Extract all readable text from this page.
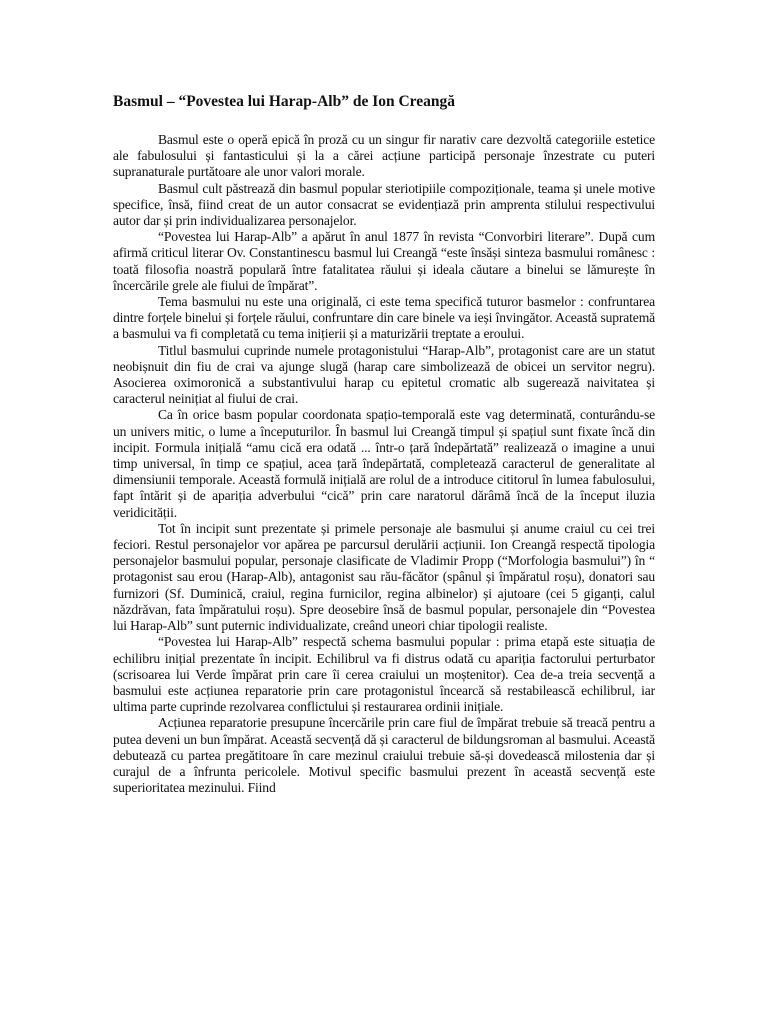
Basmul – “Povestea lui Harap-Alb” de Ion Creangă

Basmul este o operă epică în proză cu un singur fir narativ care dezvoltă categoriile estetice ale fabulosului și fantasticului și la a cărei acțiune participă personaje înzestrate cu puteri supranaturale purtătoare ale unor valori morale.

Basmul cult păstrează din basmul popular steriotipiile compoziționale, teama și unele motive specifice, însă, fiind creat de un autor consacrat se evidențiază prin amprenta stilului respectivului autor dar și prin individualizarea personajelor.

“Povestea lui Harap-Alb” a apărut în anul 1877 în revista “Convorbiri literare”. După cum afirmă criticul literar Ov. Constantinescu basmul lui Creangă “este însăși sinteza basmului românesc : toată filosofia noastră populară între fatalitatea răului și ideala căutare a binelui se lămurește în încercările grele ale fiului de împărat”.

Tema basmului nu este una originală, ci este tema specifică tuturor basmelor : confruntarea dintre forțele binelui și forțele răului, confruntare din care binele va ieși învingător. Această supratemă a basmului va fi completată cu tema inițierii și a maturizării treptate a eroului.

Titlul basmului cuprinde numele protagonistului “Harap-Alb”, protagonist care are un statut neobișnuit din fiu de crai va ajunge slugă (harap care simbolizează de obicei un servitor negru). Asocierea oximoronică a substantivului harap cu epitetul cromatic alb sugerează naivitatea și caracterul neinițiat al fiului de crai.

Ca în orice basm popular coordonata spațio-temporală este vag determinată, conturându-se un univers mitic, o lume a începuturilor. În basmul lui Creangă timpul și spațiul sunt fixate încă din incipit. Formula inițială “amu cică era odată ... într-o țară îndepărtată” realizează o imagine a unui timp universal, în timp ce spațiul, acea țară îndepărtată, completează caracterul de generalitate al dimensiunii temporale. Această formulă inițială are rolul de a introduce cititorul în lumea fabulosului, fapt întărit și de apariția adverbului “cică” prin care naratorul dărâmă încă de la început iluzia veridicității.

Tot în incipit sunt prezentate și primele personaje ale basmului și anume craiul cu cei trei feciori. Restul personajelor vor apărea pe parcursul derulării acțiunii. Ion Creangă respectă tipologia personajelor basmului popular, personaje clasificate de Vladimir Propp (“Morfologia basmului”) în “ protagonist sau erou (Harap-Alb), antagonist sau rău-făcător (spânul și împăratul roșu), donatori sau furnizori (Sf. Duminică, craiul, regina furnicilor, regina albinelor) și ajutoare (cei 5 giganți, calul năzdrăvan, fata împăratului roșu). Spre deosebire însă de basmul popular, personajele din “Povestea lui Harap-Alb” sunt puternic individualizate, creând uneori chiar tipologii realiste.

“Povestea lui Harap-Alb” respectă schema basmului popular : prima etapă este situația de echilibru inițial prezentate în incipit. Echilibrul va fi distrus odată cu apariția factorului perturbator (scrisoarea lui Verde împărat prin care îi cerea craiului un moștenitor). Cea de-a treia secvență a basmului este acțiunea reparatorie prin care protagonistul încearcă să restabilească echilibrul, iar ultima parte cuprinde rezolvarea conflictului și restaurarea ordinii inițiale.

Acțiunea reparatorie presupune încercările prin care fiul de împărat trebuie să treacă pentru a putea deveni un bun împărat. Această secvență dă și caracterul de bildungsroman al basmului. Această debutează cu partea pregătitoare în care mezinul craiului trebuie să-și dovedească milostenia dar și curajul de a înfrunta pericolele. Motivul specific basmului prezent în această secvență este superioritatea mezinului. Fiind
